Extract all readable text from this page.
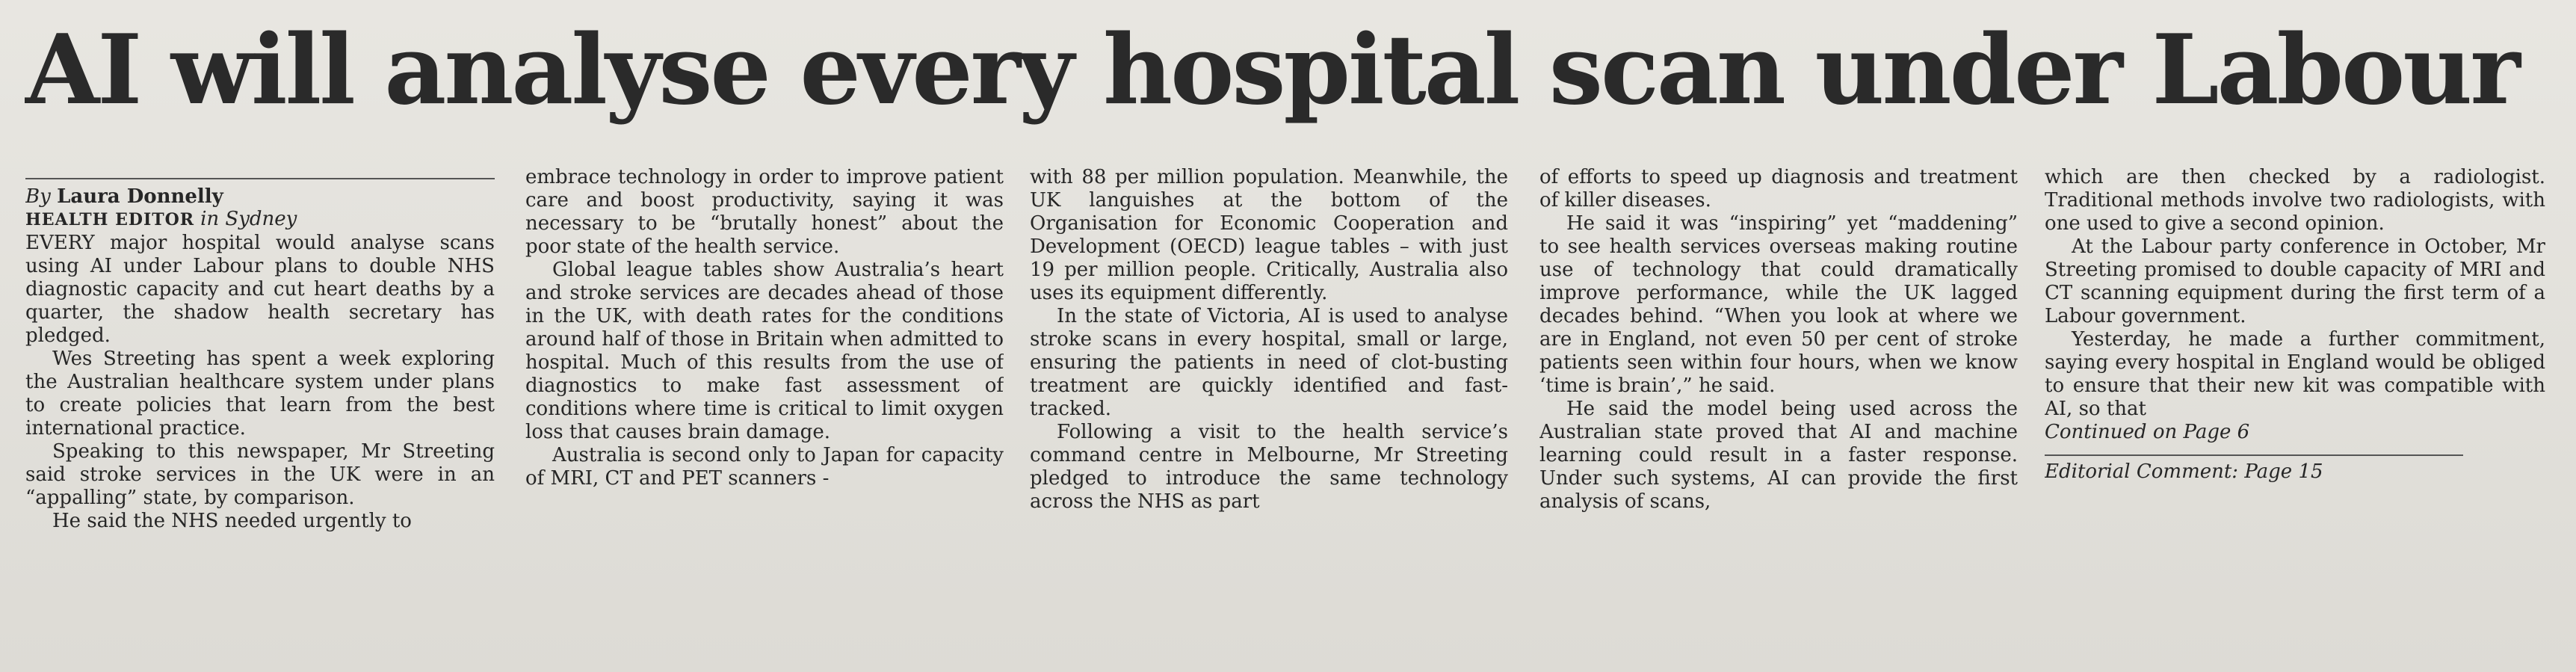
AI will analyse every hospital scan under Labour

By Laura Donnelly

HEALTH EDITOR in Sydney

EVERY major hospital would analyse scans using AI under Labour plans to double NHS diagnostic capacity and cut heart deaths by a quarter, the shadow health secretary has pledged.

Wes Streeting has spent a week exploring the Australian healthcare system under plans to create policies that learn from the best international practice.

Speaking to this newspaper, Mr Streeting said stroke services in the UK were in an “appalling” state, by comparison.

He said the NHS needed urgently to

embrace technology in order to improve patient care and boost productivity, saying it was necessary to be “brutally honest” about the poor state of the health service.

Global league tables show Australia’s heart and stroke services are decades ahead of those in the UK, with death rates for the conditions around half of those in Britain when admitted to hospital. Much of this results from the use of diagnostics to make fast assessment of conditions where time is critical to limit oxygen loss that causes brain damage.

Australia is second only to Japan for capacity of MRI, CT and PET scanners -

with 88 per million population. Meanwhile, the UK languishes at the bottom of the Organisation for Economic Cooperation and Development (OECD) league tables – with just 19 per million people. Critically, Australia also uses its equipment differently.

In the state of Victoria, AI is used to analyse stroke scans in every hospital, small or large, ensuring the patients in need of clot-busting treatment are quickly identified and fast-tracked.

Following a visit to the health service’s command centre in Melbourne, Mr Streeting pledged to introduce the same technology across the NHS as part

of efforts to speed up diagnosis and treatment of killer diseases.

He said it was “inspiring” yet “maddening” to see health services overseas making routine use of technology that could dramatically improve performance, while the UK lagged decades behind. “When you look at where we are in England, not even 50 per cent of stroke patients seen within four hours, when we know ‘time is brain’,” he said.

He said the model being used across the Australian state proved that AI and machine learning could result in a faster response. Under such systems, AI can provide the first analysis of scans,

which are then checked by a radiologist. Traditional methods involve two radiologists, with one used to give a second opinion.

At the Labour party conference in October, Mr Streeting promised to double capacity of MRI and CT scanning equipment during the first term of a Labour government.

Yesterday, he made a further commitment, saying every hospital in England would be obliged to ensure that their new kit was compatible with AI, so that

Continued on Page 6

Editorial Comment: Page 15
